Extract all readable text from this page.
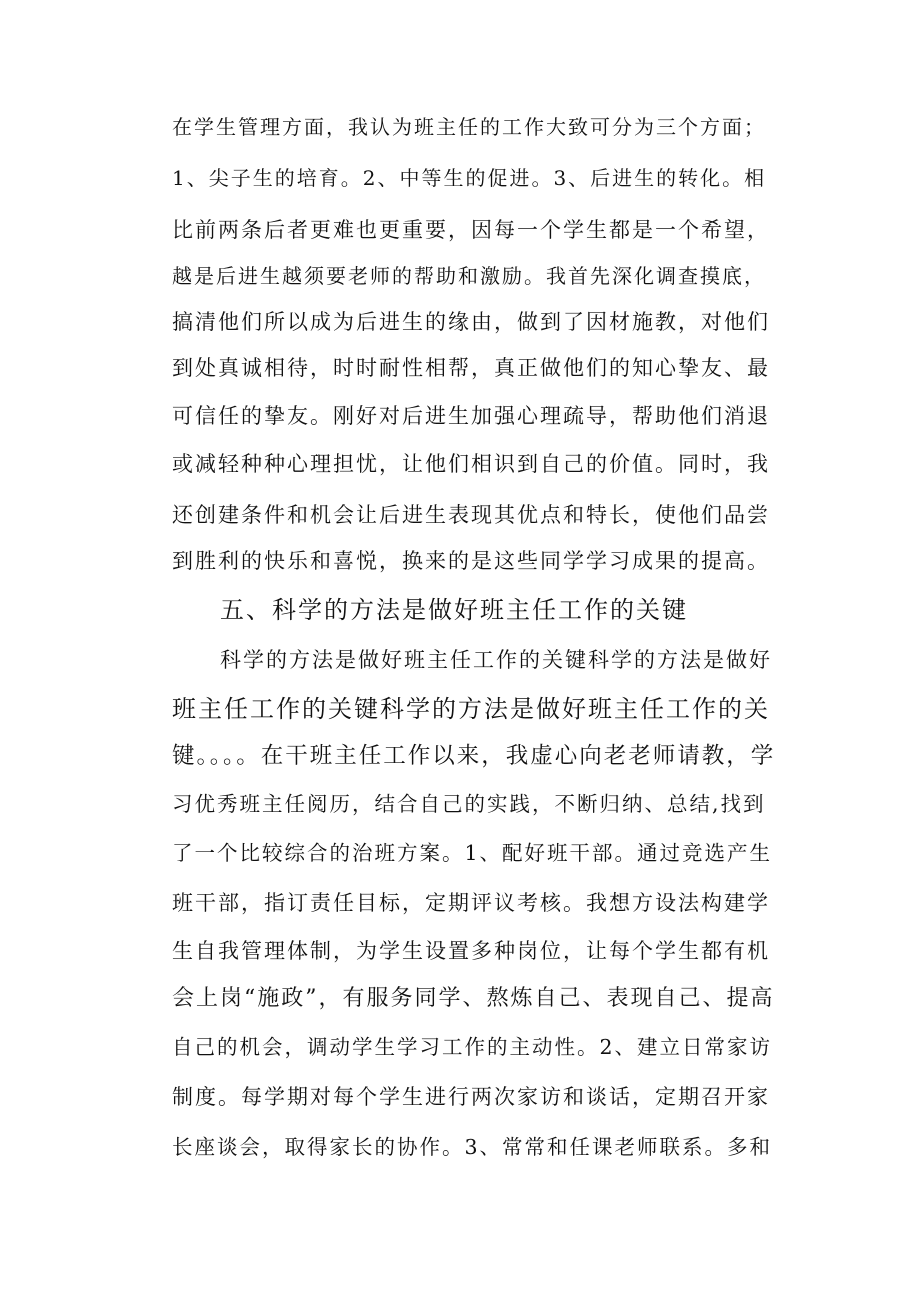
在学生管理方面，我认为班主任的工作大致可分为三个方面；
1、尖子生的培育。2、中等生的促进。3、后进生的转化。相
比前两条后者更难也更重要，因每一个学生都是一个希望，
越是后进生越须要老师的帮助和激励。我首先深化调查摸底，
搞清他们所以成为后进生的缘由，做到了因材施教，对他们
到处真诚相待，时时耐性相帮，真正做他们的知心挚友、最
可信任的挚友。刚好对后进生加强心理疏导，帮助他们消退
或减轻种种心理担忧，让他们相识到自己的价值。同时，我
还创建条件和机会让后进生表现其优点和特长，使他们品尝
到胜利的快乐和喜悦，换来的是这些同学学习成果的提高。
五、科学的方法是做好班主任工作的关键
科学的方法是做好班主任工作的关键科学的方法是做好
班主任工作的关键科学的方法是做好班主任工作的关
键。。。。在干班主任工作以来，我虚心向老老师请教，学
习优秀班主任阅历，结合自己的实践，不断归纳、总结,找到
了一个比较综合的治班方案。1、配好班干部。通过竞选产生
班干部，指订责任目标，定期评议考核。我想方设法构建学
生自我管理体制，为学生设置多种岗位，让每个学生都有机
会上岗“施政”，有服务同学、熬炼自己、表现自己、提高
自己的机会，调动学生学习工作的主动性。2、建立日常家访
制度。每学期对每个学生进行两次家访和谈话，定期召开家
长座谈会，取得家长的协作。3、常常和任课老师联系。多和
